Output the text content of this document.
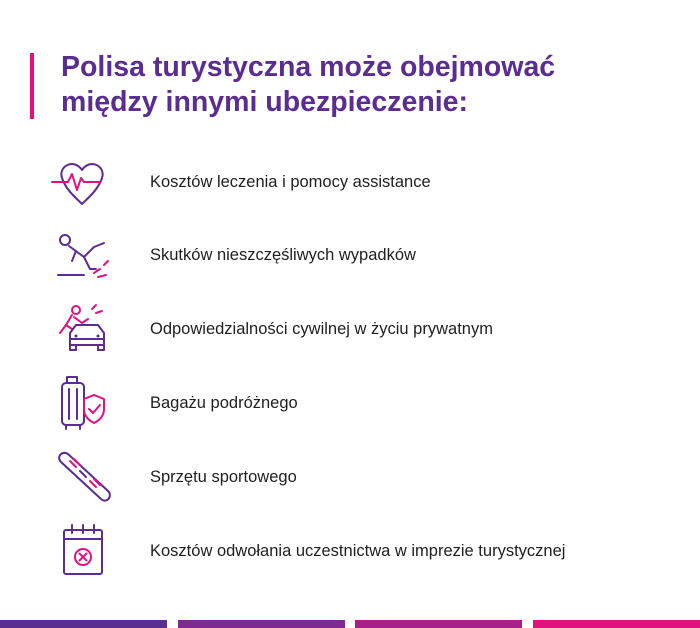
Polisa turystyczna może obejmować
między innymi ubezpieczenie:
Kosztów leczenia i pomocy assistance
Skutków nieszczęśliwych wypadków
Odpowiedzialności cywilnej w życiu prywatnym
Bagażu podróżnego
Sprzętu sportowego
Kosztów odwołania uczestnictwa w imprezie turystycznej
